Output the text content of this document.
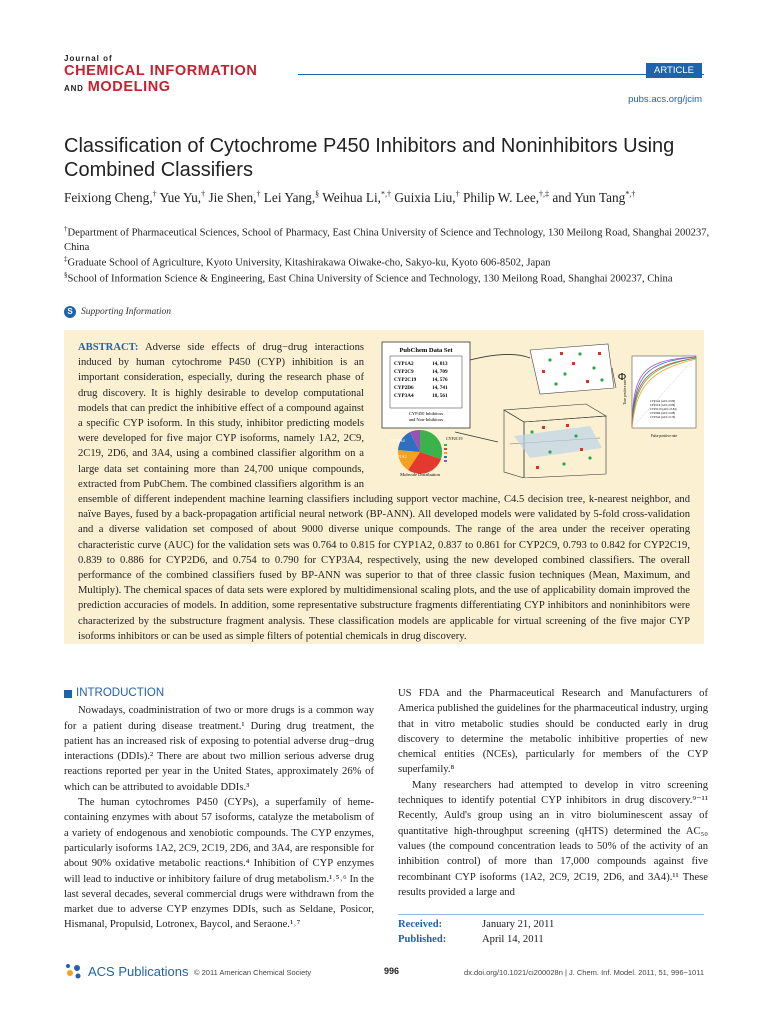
Journal of
CHEMICAL INFORMATION
AND MODELING
ARTICLE
pubs.acs.org/jcim
Classification of Cytochrome P450 Inhibitors and Noninhibitors Using Combined Classifiers
Feixiong Cheng,† Yue Yu,† Jie Shen,† Lei Yang,§ Weihua Li,*,† Guixia Liu,† Philip W. Lee,†,‡ and Yun Tang*,†
†Department of Pharmaceutical Sciences, School of Pharmacy, East China University of Science and Technology, 130 Meilong Road, Shanghai 200237, China
‡Graduate School of Agriculture, Kyoto University, Kitashirakawa Oiwake-cho, Sakyo-ku, Kyoto 606-8502, Japan
§School of Information Science & Engineering, East China University of Science and Technology, 130 Meilong Road, Shanghai 200237, China
S Supporting Information
ABSTRACT: Adverse side effects of drug−drug interactions induced by human cytochrome P450 (CYP) inhibition is an important consideration, especially, during the research phase of drug discovery. It is highly desirable to develop computational models that can predict the inhibitive effect of a compound against a specific CYP isoform. In this study, inhibitor predicting models were developed for five major CYP isoforms, namely 1A2, 2C9, 2C19, 2D6, and 3A4, using a combined classifier algorithm on a large data set containing more than 24,700 unique compounds, extracted from PubChem. The combined classifiers algorithm is an ensemble of different independent machine learning classifiers including support vector machine, C4.5 decision tree, k-nearest neighbor, and naïve Bayes, fused by a back-propagation artificial neural network (BP-ANN). All developed models were validated by 5-fold cross-validation and a diverse validation set composed of about 9000 diverse unique compounds. The range of the area under the receiver operating characteristic curve (AUC) for the validation sets was 0.764 to 0.815 for CYP1A2, 0.837 to 0.861 for CYP2C9, 0.793 to 0.842 for CYP2C19, 0.839 to 0.886 for CYP2D6, and 0.754 to 0.790 for CYP3A4, respectively, using the new developed combined classifiers. The overall performance of the combined classifiers fused by BP-ANN was superior to that of three classic fusion techniques (Mean, Maximum, and Multiply). The chemical spaces of data sets were explored by multidimensional scaling plots, and the use of applicability domain improved the prediction accuracies of models. In addition, some representative substructure fragments differentiating CYP inhibitors and noninhibitors were characterized by the substructure fragment analysis. These classification models are applicable for virtual screening of the five major CYP isoforms inhibitors or can be used as simple filters of potential chemicals in drug discovery.
PubChem Data Set
CYP1A2	14, 813
CYP2C9	14, 709
CYP2C19	14, 576
CYP2D6	14, 741
CYP3A4	18, 561
CYP450 Inhibitors
and Non-Inhibitors
CYP3A4
CYP1A2
CYP2C19
Molecule Distribution
Φ
False positive rate
True positive rate	CYP1A2 (AUC=0.80)
CYP2C9 (AUC=0.86)
CYP2C19 (AUC=0.84)
CYP2D6 (AUC=0.88)
CYP3A4 (AUC=0.79)
INTRODUCTION

Nowadays, coadministration of two or more drugs is a common way for a patient during disease treatment.¹ During drug treatment, the patient has an increased risk of exposing to potential adverse drug−drug interactions (DDIs).² There are about two million serious adverse drug reactions reported per year in the United States, approximately 26% of which can be attributed to avoidable DDIs.³

The human cytochromes P450 (CYPs), a superfamily of heme-containing enzymes with about 57 isoforms, catalyze the metabolism of a variety of endogenous and xenobiotic compounds. The CYP enzymes, particularly isoforms 1A2, 2C9, 2C19, 2D6, and 3A4, are responsible for about 90% oxidative metabolic reactions.⁴ Inhibition of CYP enzymes will lead to inductive or inhibitory failure of drug metabolism.¹˒⁵˒⁶ In the last several decades, several commercial drugs were withdrawn from the market due to adverse CYP enzymes DDIs, such as Seldane, Posicor, Hismanal, Propulsid, Lotronex, Baycol, and Seraone.¹˒⁷

US FDA and the Pharmaceutical Research and Manufacturers of America published the guidelines for the pharmaceutical industry, urging that in vitro metabolic studies should be conducted early in drug discovery to determine the metabolic inhibitive properties of new chemical entities (NCEs), particularly for members of the CYP superfamily.⁸

Many researchers had attempted to develop in vitro screening techniques to identify potential CYP inhibitors in drug discovery.⁹⁻¹¹ Recently, Auld's group using an in vitro bioluminescent assay of quantitative high-throughput screening (qHTS) determined the AC₅₀ values (the compound concentration leads to 50% of the activity of an inhibition control) of more than 17,000 compounds against five recombinant CYP isoforms (1A2, 2C9, 2C19, 2D6, and 3A4).¹¹ These results provided a large and

Received:	January 21, 2011
Published:	April 14, 2011
ACS Publications © 2011 American Chemical Society	996	dx.doi.org/10.1021/ci200028n | J. Chem. Inf. Model. 2011, 51, 996−1011
